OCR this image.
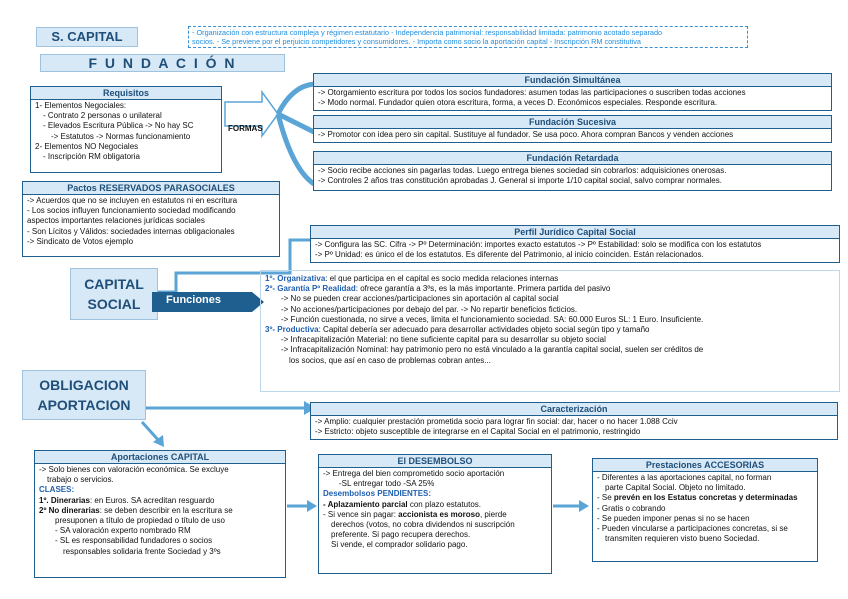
S. CAPITAL	- Organización con estructura compleja y régimen estatutario - Independencia patrimonial: responsabilidad limitada: patrimonio acotado separado
socios. - Se previene por el perjuicio competidores y consumidores. - Importa como socio la aportación capital - Inscripción RM constitutiva
F U N D A C I Ó N
Requisitos
1- Elementos Negociales:
- Contrato 2 personas o unilateral
- Elevados Escritura Pública -> No hay SC
-> Estatutos -> Normas funcionamiento
2- Elementos NO Negociales
- Inscripción RM obligatoria
FORMAS
Fundación Simultánea
-> Otorgamiento escritura por todos los socios fundadores: asumen todas las participaciones o suscriben todas acciones
-> Modo normal. Fundador quien otora escritura, forma, a veces D. Económicos especiales. Responde escritura.
Fundación Sucesiva
-> Promotor con idea pero sin capital. Sustituye al fundador. Se usa poco. Ahora compran Bancos y venden acciones
Fundación Retardada
-> Socio recibe acciones sin pagarlas todas. Luego entrega bienes sociedad sin cobrarlos: adquisiciones onerosas.
-> Controles 2 años tras constitución aprobadas J. General si importe 1/10 capital social, salvo comprar normales.
Pactos RESERVADOS PARASOCIALES
-> Acuerdos que no se incluyen en estatutos ni en escritura
- Los socios influyen funcionamiento sociedad modificando
aspectos importantes relaciones jurídicas sociales
- Son Lícitos y Válidos: sociedades internas obligacionales
-> Sindicato de Votos ejemplo
Perfil Jurídico Capital Social
-> Configura las SC. Cifra -> Pº Determinación: importes exacto estatutos -> Pº Estabilidad: solo se modifica con los estatutos
-> Pº Unidad: es único el de los estatutos. Es diferente del Patrimonio, al inicio coinciden. Están relacionados.
CAPITAL
SOCIAL	Funciones
1º- Organizativa: el que participa en el capital es socio medida relaciones internas
2º- Garantía Pº Realidad: ofrece garantía a 3ºs, es la más importante. Primera partida del pasivo
-> No se pueden crear acciones/participaciones sin aportación al capital social
-> No acciones/participaciones por debajo del par. -> No repartir beneficios ficticios.
-> Función cuestionada, no sirve a veces, limita el funcionamiento sociedad. SA: 60.000 Euros SL: 1 Euro. Insuficiente.
3º- Productiva: Capital debería ser adecuado para desarrollar actividades objeto social según tipo y tamaño
-> Infracapitalización Material: no tiene suficiente capital para su desarrollar su objeto social
-> Infracapitalización Nominal: hay patrimonio pero no está vinculado a la garantía capital social, suelen ser créditos de
los socios, que así en caso de problemas cobran antes...
OBLIGACION
APORTACION	Caracterización
-> Amplio: cualquier prestación prometida socio para lograr fin social: dar, hacer o no hacer 1.088 Cciv
-> Estricto: objeto susceptible de integrarse en el Capital Social en el patrimonio, restringido
Aportaciones CAPITAL
-> Solo bienes con valoración económica. Se excluye
trabajo o servicios.
CLASES:
1º. Dinerarias: en Euros. SA acreditan resguardo
2º No dinerarias: se deben describir en la escritura se
presuponen a título de propiedad o título de uso
- SA valoración experto nombrado RM
- SL es responsabilidad fundadores o socios
responsables solidaria frente Sociedad y 3ºs
El DESEMBOLSO
-> Entrega del bien comprometido socio aportación
-SL entregar todo -SA 25%
Desembolsos PENDIENTES:
- Aplazamiento parcial con plazo estatutos.
- Si vence sin pagar: accionista es moroso, pierde
derechos (votos, no cobra dividendos ni suscripción
preferente. Si pago recupera derechos.
Si vende, el comprador solidario pago.
Prestaciones ACCESORIAS
- Diferentes a las aportaciones capital, no forman
parte Capital Social. Objeto no limitado.
- Se prevén en los Estatus concretas y determinadas
- Gratis o cobrando
- Se pueden imponer penas si no se hacen
- Pueden vincularse a participaciones concretas, si se
transmiten requieren visto bueno Sociedad.
